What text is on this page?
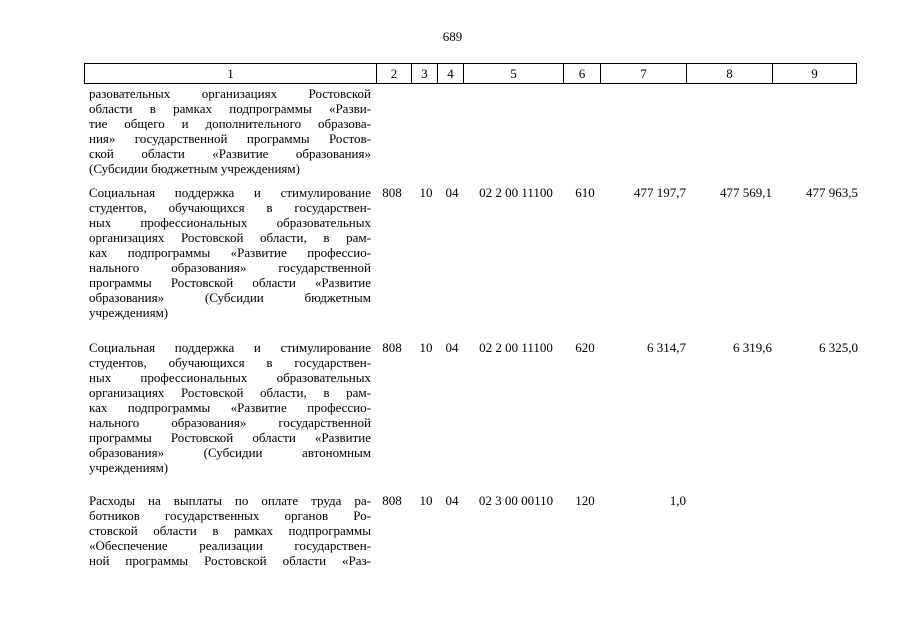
689
1	2	3	4	5	6	7	8	9
разовательных организациях Ростовской
области в рамках подпрограммы «Разви-
тие общего и дополнительного образова-
ния» государственной программы Ростов-
ской области «Развитие образования»
(Субсидии бюджетным учреждениям)
Социальная поддержка и стимулирование
студентов, обучающихся в государствен-
ных профессиональных образовательных
организациях Ростовской области, в рам-
ках подпрограммы «Развитие профессио-
нального образования» государственной
программы Ростовской области «Развитие
образования» (Субсидии бюджетным
учреждениям)
808	10	04	02 2 00 11100	610	477 197,7	477 569,1	477 963,5
Социальная поддержка и стимулирование
студентов, обучающихся в государствен-
ных профессиональных образовательных
организациях Ростовской области, в рам-
ках подпрограммы «Развитие профессио-
нального образования» государственной
программы Ростовской области «Развитие
образования» (Субсидии автономным
учреждениям)
808	10	04	02 2 00 11100	620	6 314,7	6 319,6	6 325,0
Расходы на выплаты по оплате труда ра-
ботников государственных органов Ро-
стовской области в рамках подпрограммы
«Обеспечение реализации государствен-
ной программы Ростовской области «Раз-
808	10	04	02 3 00 00110	120	1,0
